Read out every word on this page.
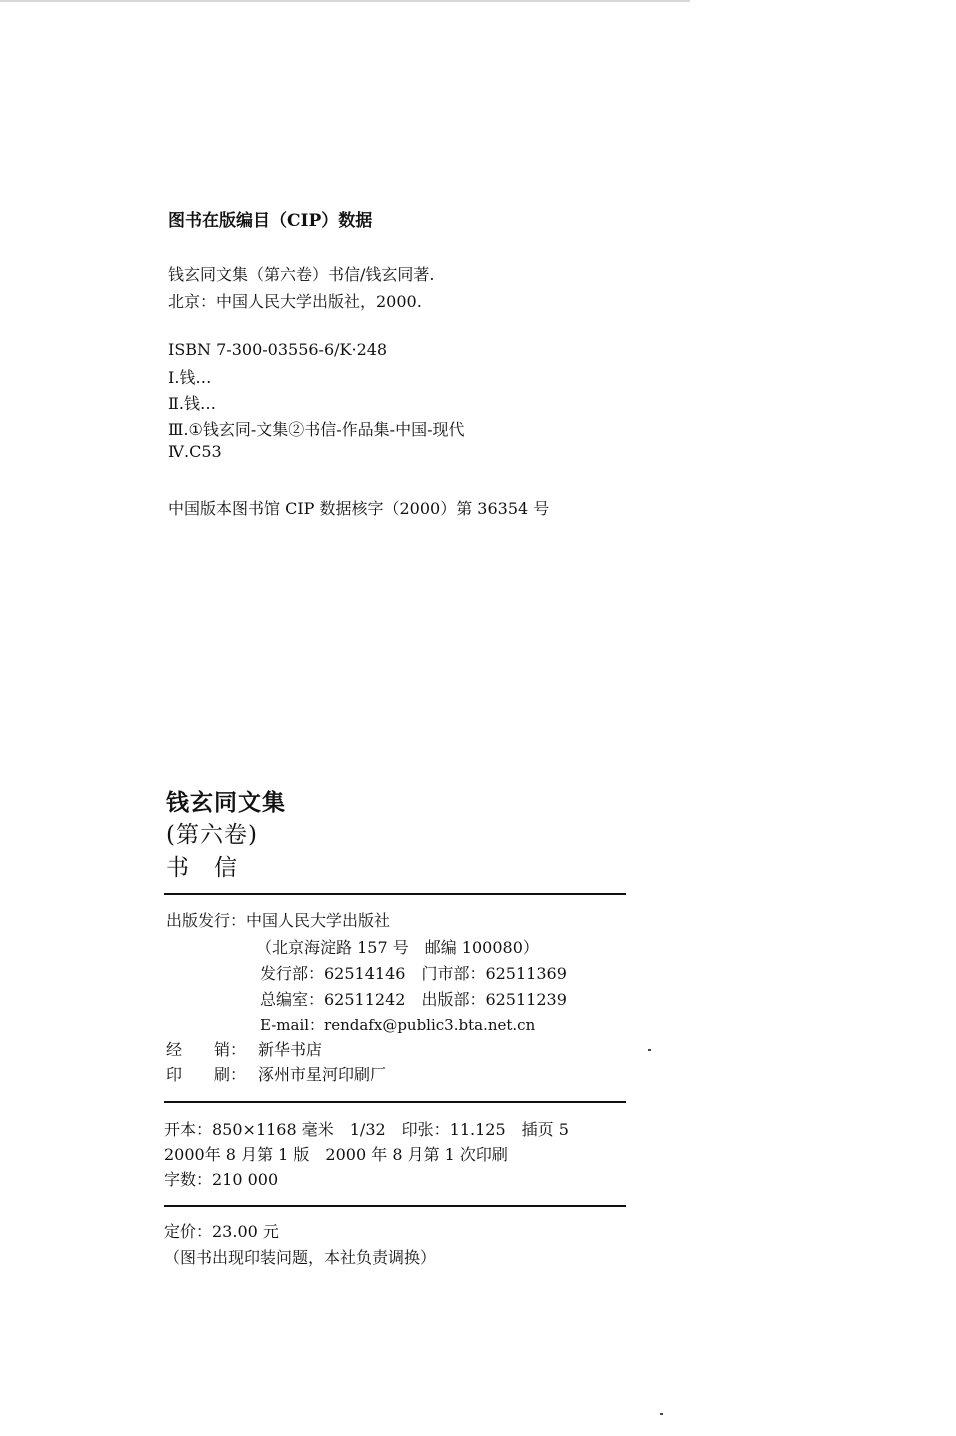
图书在版编目（CIP）数据
钱玄同文集（第六卷）书信/钱玄同著.
北京：中国人民大学出版社，2000.
ISBN 7-300-03556-6/K·248
Ⅰ.钱…
Ⅱ.钱…
Ⅲ.①钱玄同-文集②书信-作品集-中国-现代
Ⅳ.C53
中国版本图书馆 CIP 数据核字（2000）第 36354 号
钱玄同文集
(第六卷)
书　信
出版发行：中国人民大学出版社
（北京海淀路 157 号　邮编 100080）
发行部：62514146　门市部：62511369
总编室：62511242　出版部：62511239
E-mail：rendafx@public3.bta.net.cn
经　　销： 新华书店
印　　刷： 涿州市星河印刷厂
开本：850×1168 毫米　1/32　印张：11.125　插页 5
2000年 8 月第 1 版　2000 年 8 月第 1 次印刷
字数：210 000
定价：23.00 元
（图书出现印装问题，本社负责调换）
